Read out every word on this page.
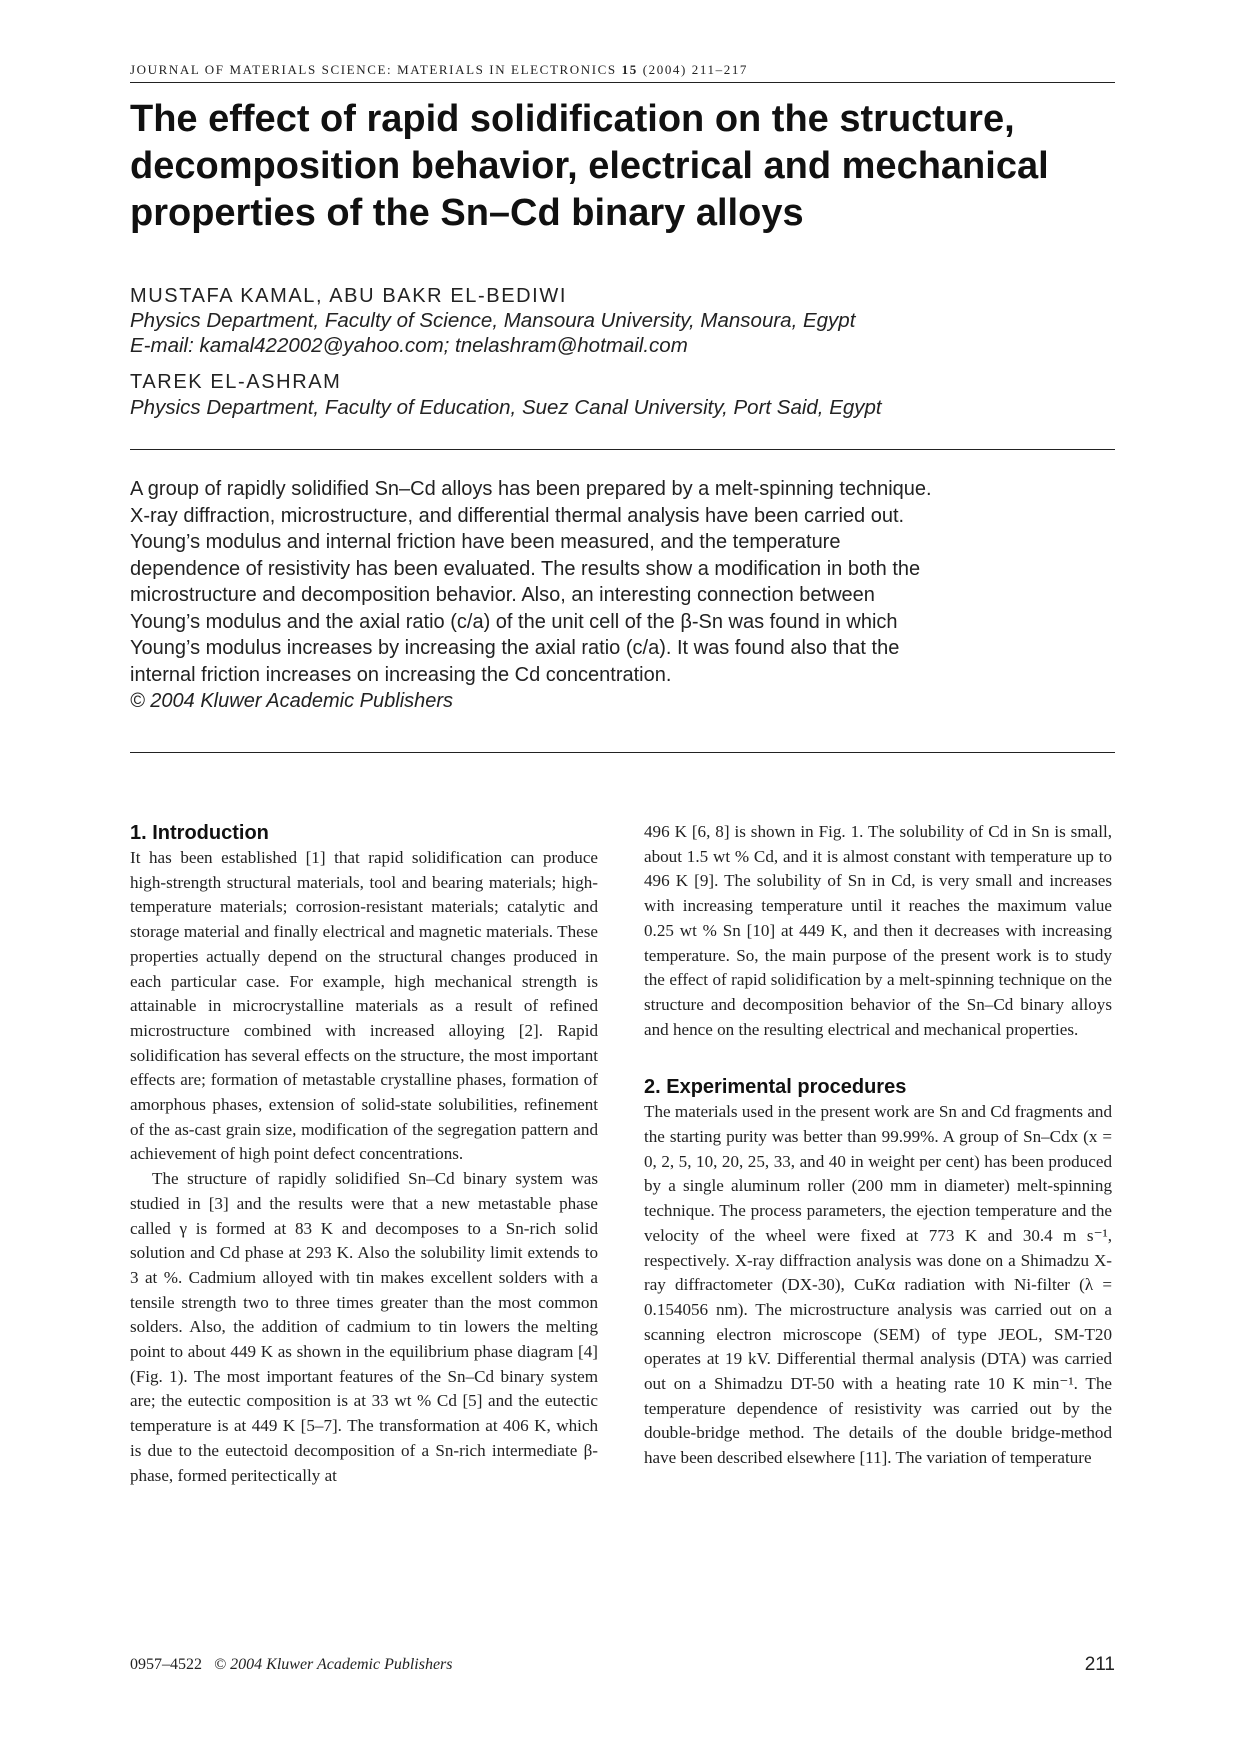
JOURNAL OF MATERIALS SCIENCE: MATERIALS IN ELECTRONICS 15 (2004) 211–217
The effect of rapid solidification on the structure,
decomposition behavior, electrical and mechanical
properties of the Sn–Cd binary alloys
MUSTAFA KAMAL, ABU BAKR EL-BEDIWI
Physics Department, Faculty of Science, Mansoura University, Mansoura, Egypt
E-mail: kamal422002@yahoo.com; tnelashram@hotmail.com
TAREK EL-ASHRAM
Physics Department, Faculty of Education, Suez Canal University, Port Said, Egypt

A group of rapidly solidified Sn–Cd alloys has been prepared by a melt-spinning technique.

X-ray diffraction, microstructure, and differential thermal analysis have been carried out.

Young’s modulus and internal friction have been measured, and the temperature

dependence of resistivity has been evaluated. The results show a modification in both the

microstructure and decomposition behavior. Also, an interesting connection between

Young’s modulus and the axial ratio (c/a) of the unit cell of the β-Sn was found in which

Young’s modulus increases by increasing the axial ratio (c/a). It was found also that the

internal friction increases on increasing the Cd concentration.

© 2004 Kluwer Academic Publishers

1. Introduction

It has been established [1] that rapid solidification can produce high-strength structural materials, tool and bearing materials; high-temperature materials; corrosion-resistant materials; catalytic and storage material and finally electrical and magnetic materials. These properties actually depend on the structural changes produced in each particular case. For example, high mechanical strength is attainable in microcrystalline materials as a result of refined microstructure combined with increased alloying [2]. Rapid solidification has several effects on the structure, the most important effects are; formation of metastable crystalline phases, formation of amorphous phases, extension of solid-state solubilities, refinement of the as-cast grain size, modification of the segregation pattern and achievement of high point defect concentrations.

The structure of rapidly solidified Sn–Cd binary system was studied in [3] and the results were that a new metastable phase called γ is formed at 83 K and decomposes to a Sn-rich solid solution and Cd phase at 293 K. Also the solubility limit extends to 3 at %. Cadmium alloyed with tin makes excellent solders with a tensile strength two to three times greater than the most common solders. Also, the addition of cadmium to tin lowers the melting point to about 449 K as shown in the equilibrium phase diagram [4] (Fig. 1). The most important features of the Sn–Cd binary system are; the eutectic composition is at 33 wt % Cd [5] and the eutectic temperature is at 449 K [5–7]. The transformation at 406 K, which is due to the eutectoid decomposition of a Sn-rich intermediate β-phase, formed peritectically at

496 K [6, 8] is shown in Fig. 1. The solubility of Cd in Sn is small, about 1.5 wt % Cd, and it is almost constant with temperature up to 496 K [9]. The solubility of Sn in Cd, is very small and increases with increasing temperature until it reaches the maximum value 0.25 wt % Sn [10] at 449 K, and then it decreases with increasing temperature. So, the main purpose of the present work is to study the effect of rapid solidification by a melt-spinning technique on the structure and decomposition behavior of the Sn–Cd binary alloys and hence on the resulting electrical and mechanical properties.

2. Experimental procedures

The materials used in the present work are Sn and Cd fragments and the starting purity was better than 99.99%. A group of Sn–Cdx (x = 0, 2, 5, 10, 20, 25, 33, and 40 in weight per cent) has been produced by a single aluminum roller (200 mm in diameter) melt-spinning technique. The process parameters, the ejection temperature and the velocity of the wheel were fixed at 773 K and 30.4 m s⁻¹, respectively. X-ray diffraction analysis was done on a Shimadzu X-ray diffractometer (DX-30), CuKα radiation with Ni-filter (λ = 0.154056 nm). The microstructure analysis was carried out on a scanning electron microscope (SEM) of type JEOL, SM-T20 operates at 19 kV. Differential thermal analysis (DTA) was carried out on a Shimadzu DT-50 with a heating rate 10 K min⁻¹. The temperature dependence of resistivity was carried out by the double-bridge method. The details of the double bridge-method have been described elsewhere [11]. The variation of temperature

0957–4522 © 2004 Kluwer Academic Publishers	211
